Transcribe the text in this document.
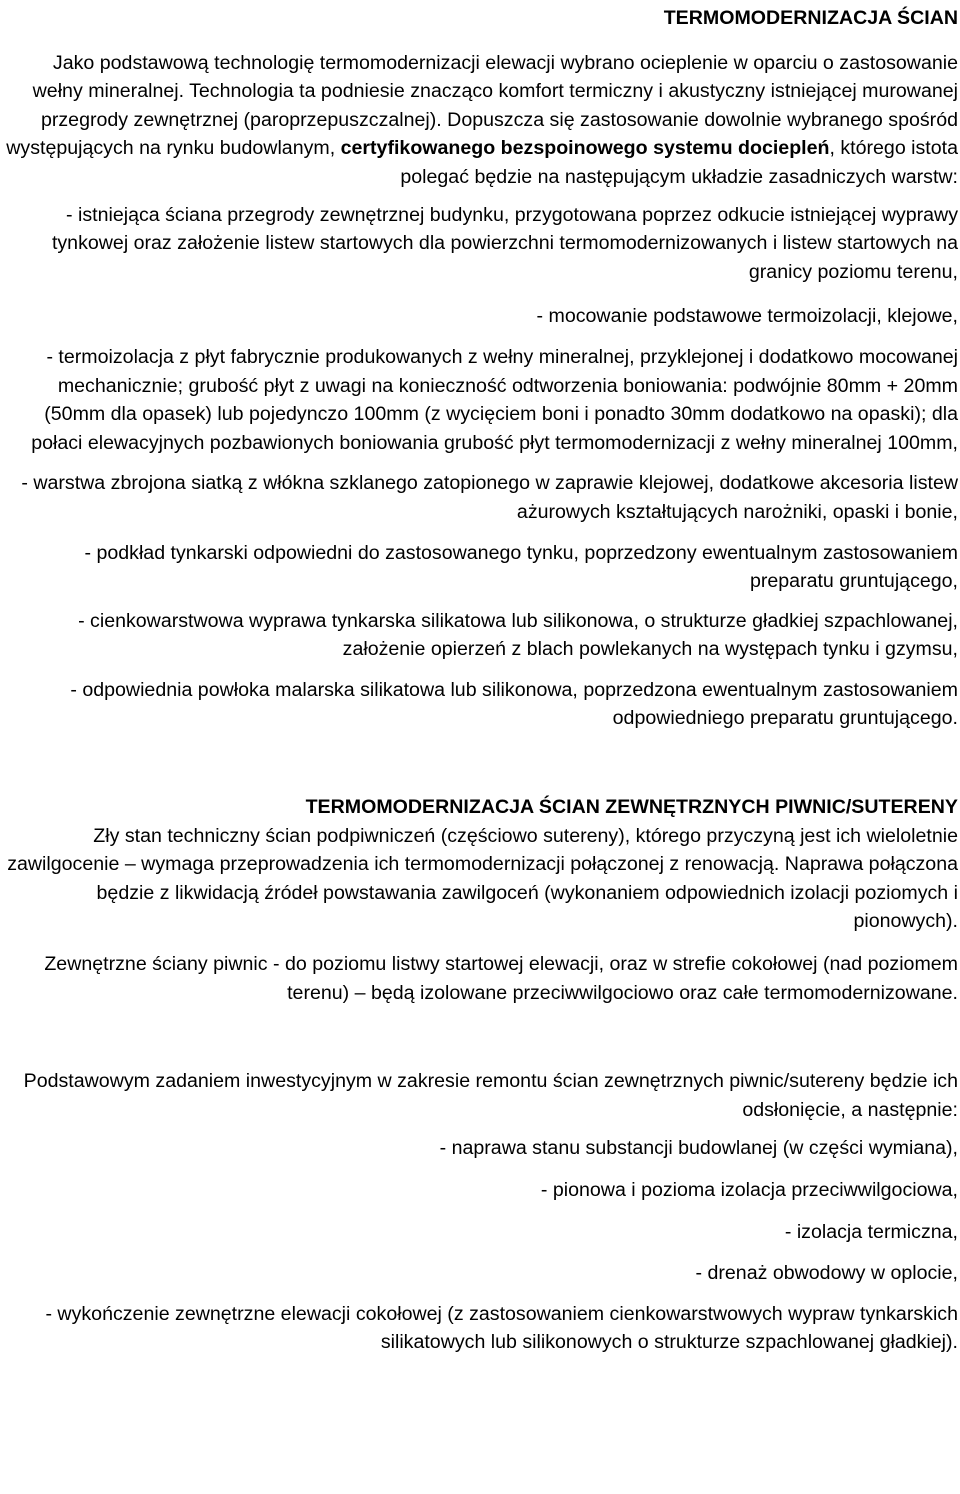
TERMOMODERNIZACJA ŚCIAN

Jako podstawową technologię termomodernizacji elewacji wybrano ocieplenie w oparciu o zastosowanie wełny mineralnej. Technologia ta podniesie znacząco komfort termiczny i akustyczny istniejącej murowanej przegrody zewnętrznej (paroprzepuszczalnej). Dopuszcza się zastosowanie dowolnie wybranego spośród występujących na rynku budowlanym, certyfikowanego bezspoinowego systemu dociepleń, którego istota polegać będzie na następującym układzie zasadniczych warstw:

- istniejąca ściana przegrody zewnętrznej budynku, przygotowana poprzez odkucie istniejącej wyprawy tynkowej oraz założenie listew startowych dla powierzchni termomodernizowanych i listew startowych na granicy poziomu terenu,

- mocowanie podstawowe termoizolacji, klejowe,

- termoizolacja z płyt fabrycznie produkowanych z wełny mineralnej, przyklejonej i dodatkowo mocowanej mechanicznie; grubość płyt z uwagi na konieczność odtworzenia boniowania: podwójnie 80mm + 20mm (50mm dla opasek) lub pojedynczo 100mm (z wycięciem boni i ponadto 30mm dodatkowo na opaski); dla połaci elewacyjnych pozbawionych boniowania grubość płyt termomodernizacji z wełny mineralnej 100mm,

- warstwa zbrojona siatką z włókna szklanego zatopionego w zaprawie klejowej, dodatkowe akcesoria listew ażurowych kształtujących narożniki, opaski i bonie,

- podkład tynkarski odpowiedni do zastosowanego tynku, poprzedzony ewentualnym zastosowaniem preparatu gruntującego,

- cienkowarstwowa wyprawa tynkarska silikatowa lub silikonowa, o strukturze gładkiej szpachlowanej, założenie opierzeń z blach powlekanych na występach tynku i gzymsu,

- odpowiednia powłoka malarska silikatowa lub silikonowa, poprzedzona ewentualnym zastosowaniem odpowiedniego preparatu gruntującego.

TERMOMODERNIZACJA ŚCIAN ZEWNĘTRZNYCH PIWNIC/SUTERENY

Zły stan techniczny ścian podpiwniczeń (częściowo sutereny), którego przyczyną jest ich wieloletnie zawilgocenie – wymaga przeprowadzenia ich termomodernizacji połączonej z renowacją. Naprawa połączona będzie z likwidacją źródeł powstawania zawilgoceń (wykonaniem odpowiednich izolacji poziomych i pionowych).

Zewnętrzne ściany piwnic - do poziomu listwy startowej elewacji, oraz w strefie cokołowej (nad poziomem terenu) – będą izolowane przeciwwilgociowo oraz całe termomodernizowane.

Podstawowym zadaniem inwestycyjnym w zakresie remontu ścian zewnętrznych piwnic/sutereny będzie ich odsłonięcie, a następnie:

- naprawa stanu substancji budowlanej (w części wymiana),

- pionowa i pozioma izolacja przeciwwilgociowa,

- izolacja termiczna,

- drenaż obwodowy w oplocie,

- wykończenie zewnętrzne elewacji cokołowej (z zastosowaniem cienkowarstwowych wypraw tynkarskich silikatowych lub silikonowych o strukturze szpachlowanej gładkiej).
